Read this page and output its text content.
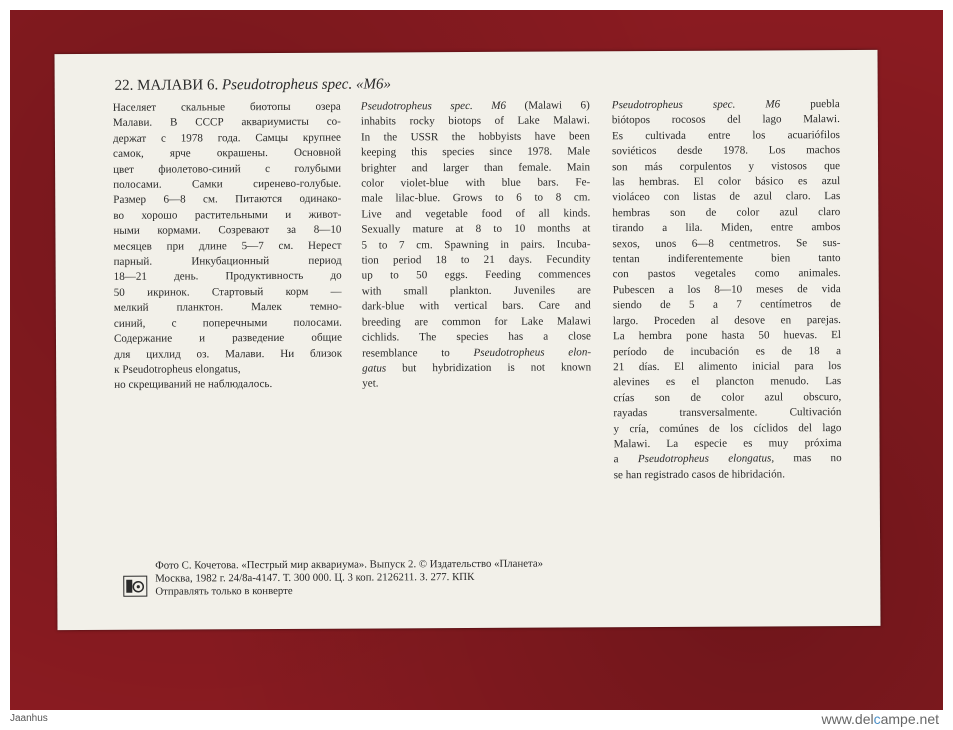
22. МАЛАВИ 6. Pseudotropheus spec. «M6»
Населяет скальные биотопы озера
Малави. В СССР аквариумисты со-
держат с 1978 года. Самцы крупнее
самок, ярче окрашены. Основной
цвет фиолетово-синий с голубыми
полосами. Самки сиренево-голубые.
Размер 6—8 см. Питаются одинако-
во хорошо растительными и живот-
ными кормами. Созревают за 8—10
месяцев при длине 5—7 см. Нерест
парный. Инкубационный период
18—21 день. Продуктивность до
50 икринок. Стартовый корм —
мелкий планктон. Малек темно-
синий, с поперечными полосами.
Содержание и разведение общие
для цихлид оз. Малави. Ни близок
к Pseudotropheus elongatus,
но скрещиваний не наблюдалось.
Pseudotropheus spec. M6 (Malawi 6)
inhabits rocky biotops of Lake Malawi.
In the USSR the hobbyists have been
keeping this species since 1978. Male
brighter and larger than female. Main
color violet-blue with blue bars. Fe-
male lilac-blue. Grows to 6 to 8 cm.
Live and vegetable food of all kinds.
Sexually mature at 8 to 10 months at
5 to 7 cm. Spawning in pairs. Incuba-
tion period 18 to 21 days. Fecundity
up to 50 eggs. Feeding commences
with small plankton. Juveniles are
dark-blue with vertical bars. Care and
breeding are common for Lake Malawi
cichlids. The species has a close
resemblance to Pseudotropheus elon-
gatus but hybridization is not known
yet.
Pseudotropheus spec. M6 puebla
biótopos rocosos del lago Malawi.
Es cultivada entre los acuariófilos
soviéticos desde 1978. Los machos
son más corpulentos y vistosos que
las hembras. El color básico es azul
violáceo con listas de azul claro. Las
hembras son de color azul claro
tirando a lila. Miden, entre ambos
sexos, unos 6—8 centmetros. Se sus-
tentan indiferentemente bien tanto
con pastos vegetales como animales.
Pubescen a los 8—10 meses de vida
siendo de 5 a 7 centímetros de
largo. Proceden al desove en parejas.
La hembra pone hasta 50 huevas. El
período de incubación es de 18 a
21 días. El alimento inicial para los
alevines es el plancton menudo. Las
crías son de color azul obscuro,
rayadas transversalmente. Cultivación
y cría, comúnes de los cíclidos del lago
Malawi. La especie es muy próxima
a Pseudotropheus elongatus, mas no
se han registrado casos de hibridación.
Фото С. Кочетова. «Пестрый мир аквариума». Выпуск 2. © Издательство «Планета»
Москва, 1982 г. 24/8а-4147. Т. 300 000. Ц. 3 коп. 2126211. З. 277. КПК
Отправлять только в конверте
Jaanhus	www.delcampe.net
